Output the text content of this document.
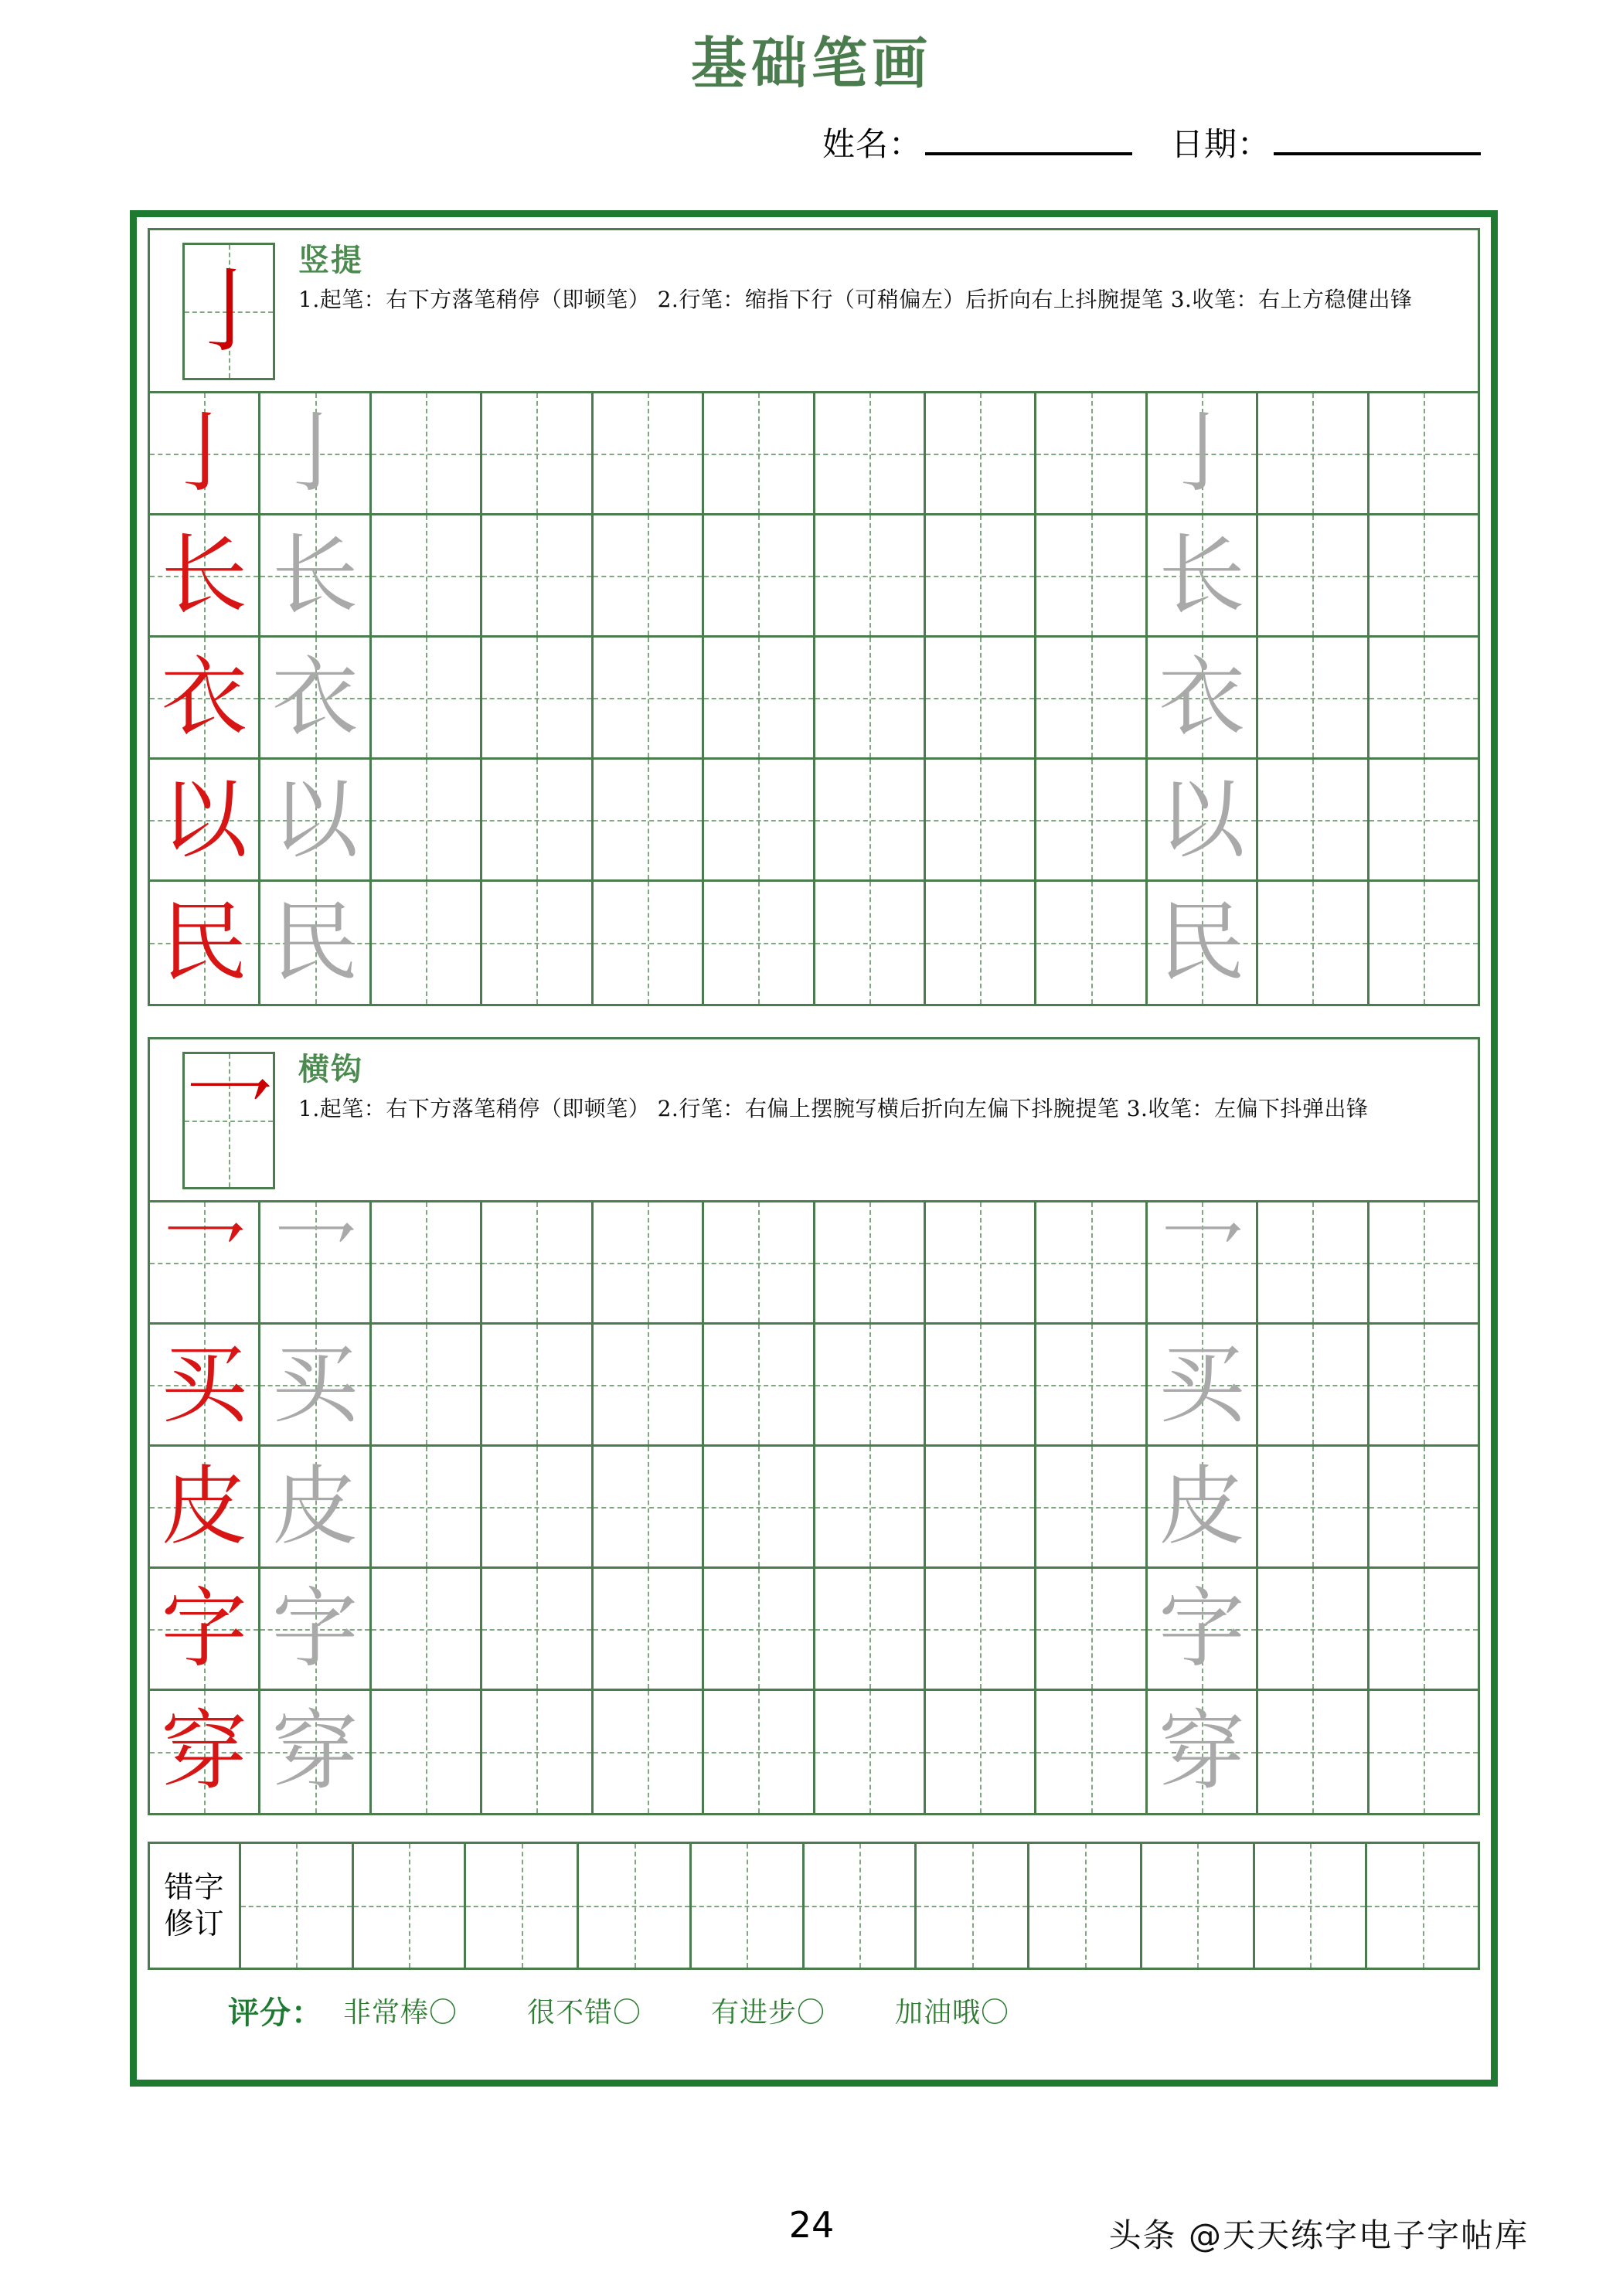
基础笔画
姓名：	日期：
亅 竖提
1.起笔：右下方落笔稍停（即顿笔） 2.行笔：缩指下行（可稍偏左）后折向右上抖腕提笔 3.收笔：右上方稳健出锋
亅 亅	亅
长 长	长
衣 衣	衣
以 以	以
民 民	民
乛 横钩
1.起笔：右下方落笔稍停（即顿笔） 2.行笔：右偏上摆腕写横后折向左偏下抖腕提笔 3.收笔：左偏下抖弹出锋
乛 乛	乛
买 买	买
皮 皮	皮
字 字	字
穿 穿	穿
错字
修订
评分： 非常棒〇	很不错〇	有进步〇	加油哦〇
24	头条 @天天练字电子字帖库
